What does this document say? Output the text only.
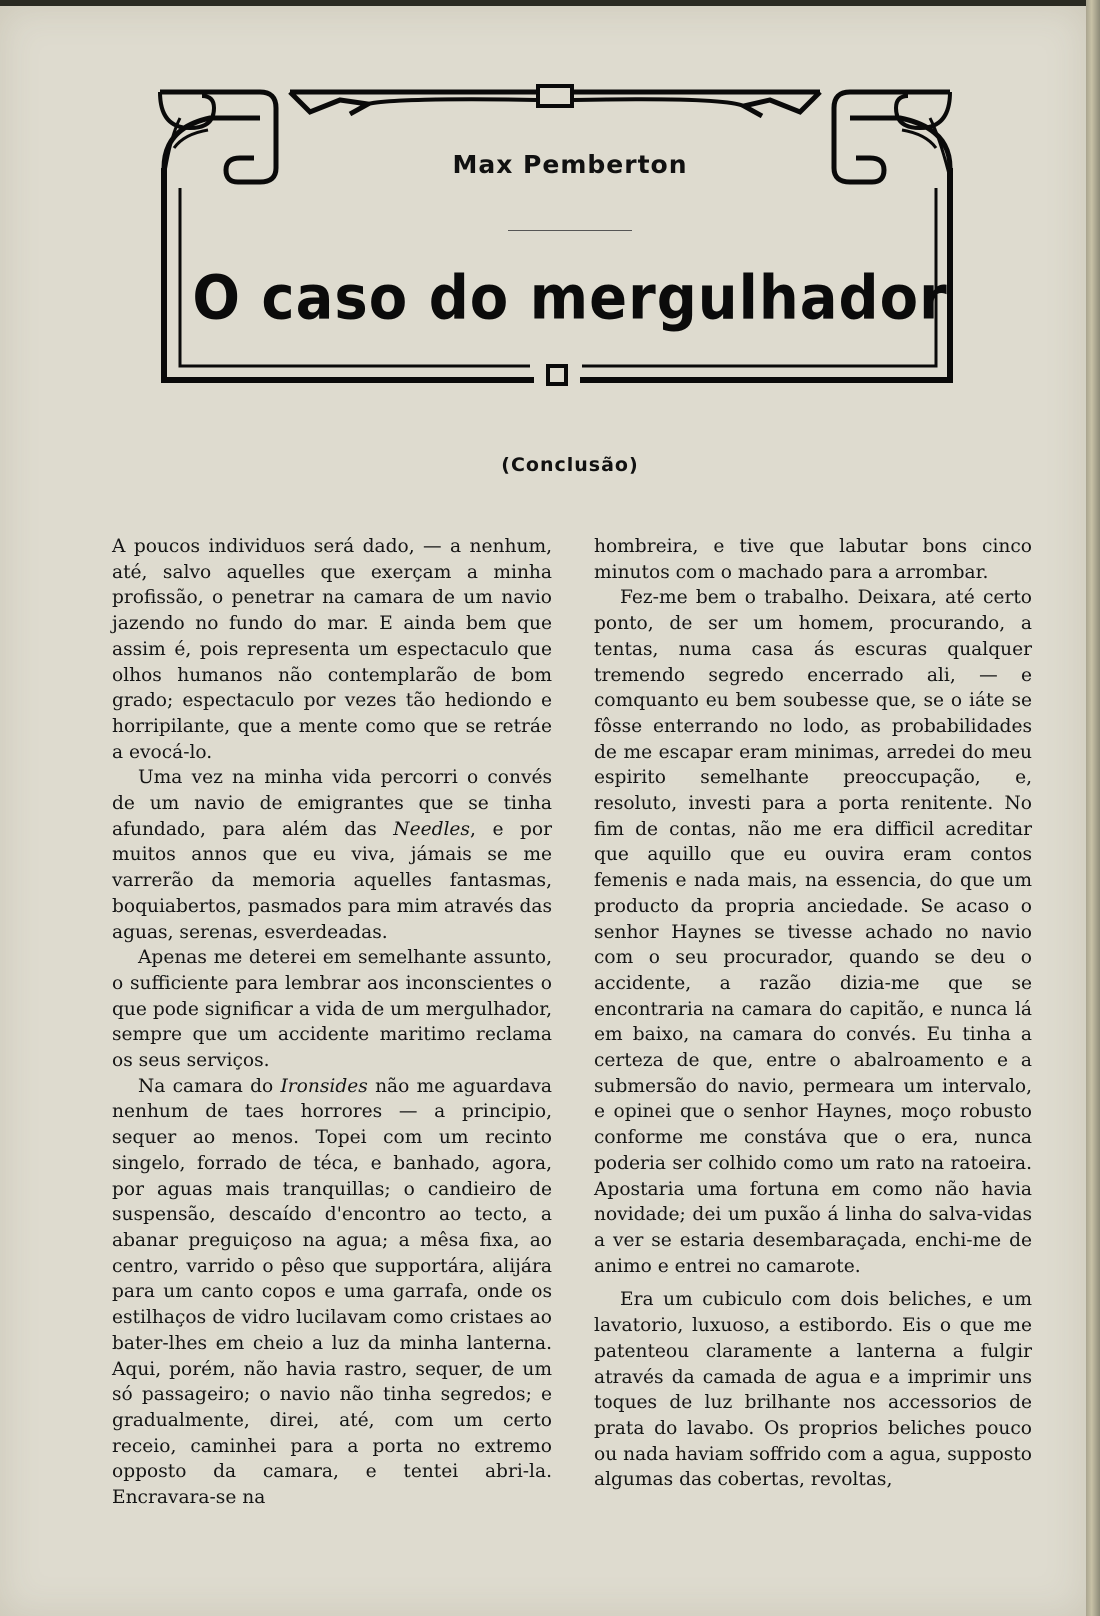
Max Pemberton
O caso do mergulhador
(Conclusão)

A poucos individuos será dado, — a nenhum, até, salvo aquelles que exerçam a minha profissão, o penetrar na camara de um navio jazendo no fundo do mar. E ainda bem que assim é, pois representa um espectaculo que olhos humanos não contemplarão de bom grado; espectaculo por vezes tão hediondo e horripilante, que a mente como que se retráe a evocá-lo.

Uma vez na minha vida percorri o convés de um navio de emigrantes que se tinha afundado, para além das Needles, e por muitos annos que eu viva, jámais se me varrerão da memoria aquelles fantasmas, boquiabertos, pasmados para mim através das aguas, serenas, esverdeadas.

Apenas me deterei em semelhante assunto, o sufficiente para lembrar aos inconscientes o que pode significar a vida de um mergulhador, sempre que um accidente maritimo reclama os seus serviços.

Na camara do Ironsides não me aguardava nenhum de taes horrores — a principio, sequer ao menos. Topei com um recinto singelo, forrado de téca, e banhado, agora, por aguas mais tranquillas; o candieiro de suspensão, descaído d'encontro ao tecto, a abanar preguiçoso na agua; a mêsa fixa, ao centro, varrido o pêso que supportára, alijára para um canto copos e uma garrafa, onde os estilhaços de vidro lucilavam como cristaes ao bater-lhes em cheio a luz da minha lanterna. Aqui, porém, não havia rastro, sequer, de um só passageiro; o navio não tinha segredos; e gradualmente, direi, até, com um certo receio, caminhei para a porta no extremo opposto da camara, e tentei abri-la. Encravara-se na

hombreira, e tive que labutar bons cinco minutos com o machado para a arrombar.

Fez-me bem o trabalho. Deixara, até certo ponto, de ser um homem, procurando, a tentas, numa casa ás escuras qualquer tremendo segredo encerrado ali, — e comquanto eu bem soubesse que, se o iáte se fôsse enterrando no lodo, as probabilidades de me escapar eram minimas, arredei do meu espirito semelhante preoccupação, e, resoluto, investi para a porta renitente. No fim de contas, não me era difficil acreditar que aquillo que eu ouvira eram contos femenis e nada mais, na essencia, do que um producto da propria anciedade. Se acaso o senhor Haynes se tivesse achado no navio com o seu procurador, quando se deu o accidente, a razão dizia-me que se encontraria na camara do capitão, e nunca lá em baixo, na camara do convés. Eu tinha a certeza de que, entre o abalroamento e a submersão do navio, permeara um intervalo, e opinei que o senhor Haynes, moço robusto conforme me constáva que o era, nunca poderia ser colhido como um rato na ratoeira. Apostaria uma fortuna em como não havia novidade; dei um puxão á linha do salva-vidas a ver se estaria desembaraçada, enchi-me de animo e entrei no camarote.

Era um cubiculo com dois beliches, e um lavatorio, luxuoso, a estibordo. Eis o que me patenteou claramente a lanterna a fulgir através da camada de agua e a imprimir uns toques de luz brilhante nos accessorios de prata do lavabo. Os proprios beliches pouco ou nada haviam soffrido com a agua, supposto algumas das cobertas, revoltas,
